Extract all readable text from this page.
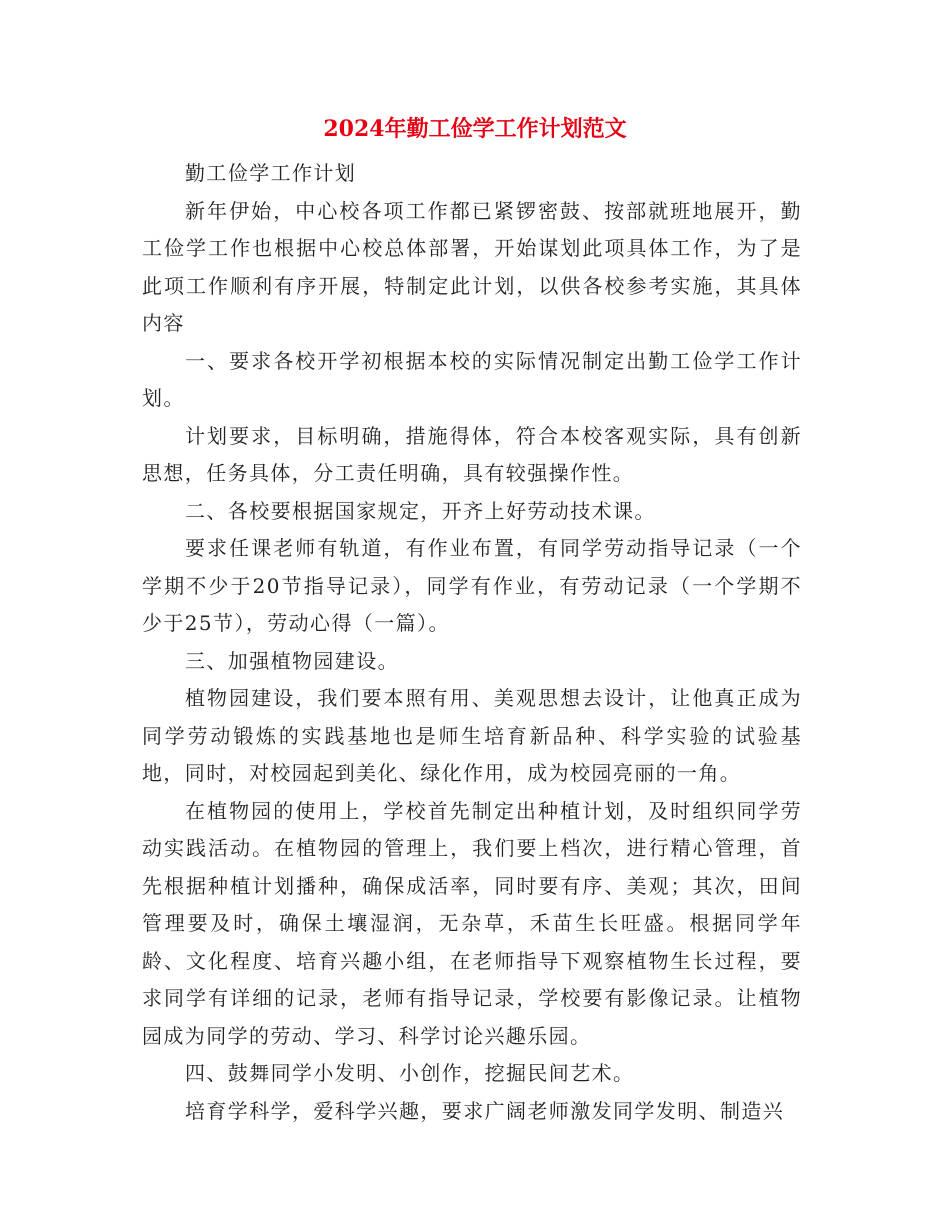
2024年勤工俭学工作计划范文

勤工俭学工作计划

新年伊始，中心校各项工作都已紧锣密鼓、按部就班地展开，勤工俭学工作也根据中心校总体部署，开始谋划此项具体工作，为了是此项工作顺利有序开展，特制定此计划，以供各校参考实施，其具体内容

一、要求各校开学初根据本校的实际情况制定出勤工俭学工作计划。

计划要求，目标明确，措施得体，符合本校客观实际，具有创新思想，任务具体，分工责任明确，具有较强操作性。

二、各校要根据国家规定，开齐上好劳动技术课。

要求任课老师有轨道，有作业布置，有同学劳动指导记录（一个学期不少于20节指导记录），同学有作业，有劳动记录（一个学期不少于25节），劳动心得（一篇）。

三、加强植物园建设。

植物园建设，我们要本照有用、美观思想去设计，让他真正成为同学劳动锻炼的实践基地也是师生培育新品种、科学实验的试验基地，同时，对校园起到美化、绿化作用，成为校园亮丽的一角。

在植物园的使用上，学校首先制定出种植计划，及时组织同学劳动实践活动。在植物园的管理上，我们要上档次，进行精心管理，首先根据种植计划播种，确保成活率，同时要有序、美观；其次，田间管理要及时，确保土壤湿润，无杂草，禾苗生长旺盛。根据同学年龄、文化程度、培育兴趣小组，在老师指导下观察植物生长过程，要求同学有详细的记录，老师有指导记录，学校要有影像记录。让植物园成为同学的劳动、学习、科学讨论兴趣乐园。

四、鼓舞同学小发明、小创作，挖掘民间艺术。

培育学科学，爱科学兴趣，要求广阔老师激发同学发明、制造兴
